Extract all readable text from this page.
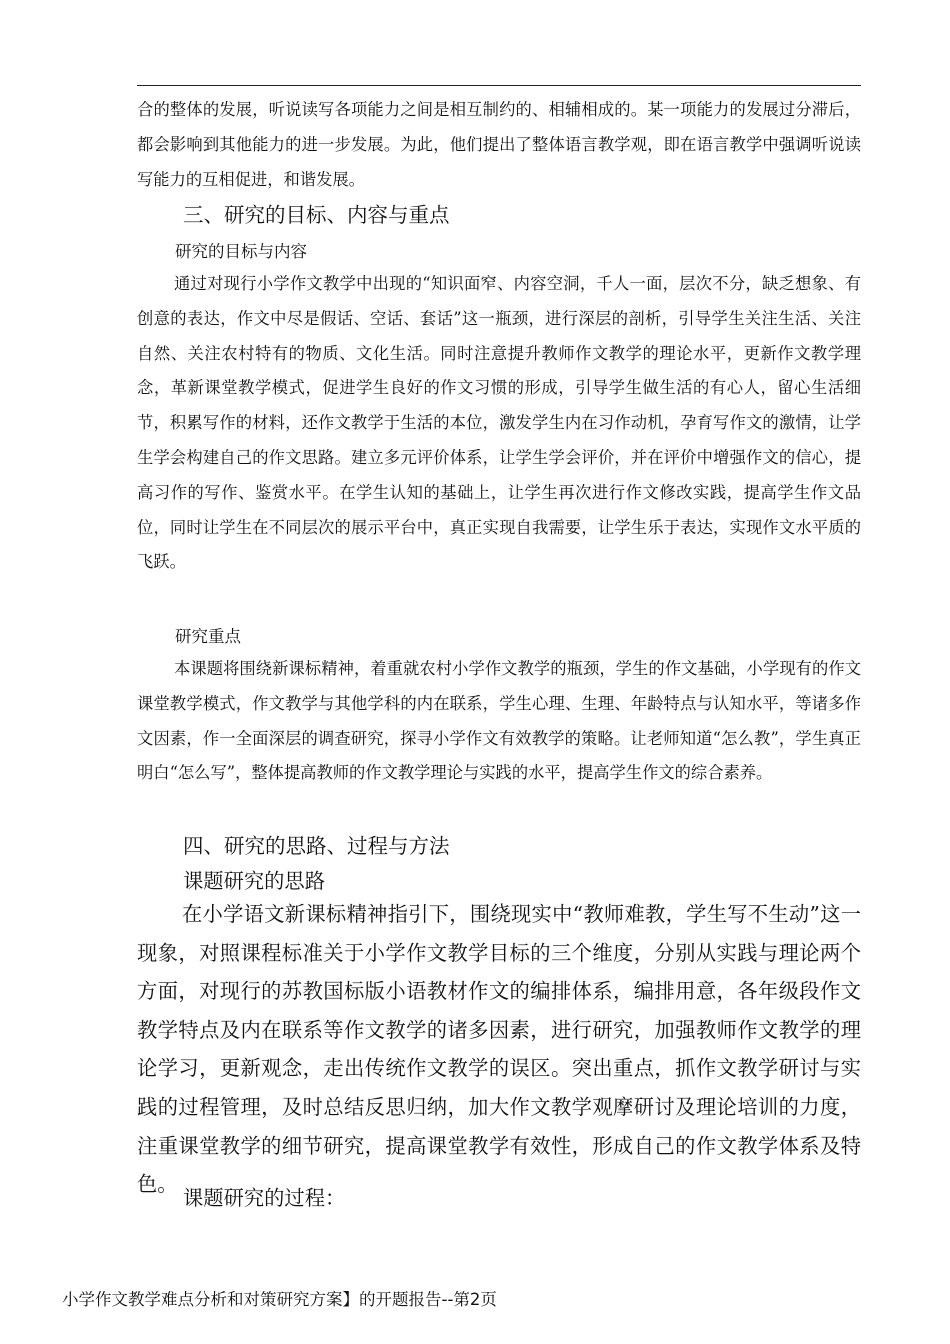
合的整体的发展，听说读写各项能力之间是相互制约的、相辅相成的。某一项能力的发展过分滞后，都会影响到其他能力的进一步发展。为此，他们提出了整体语言教学观，即在语言教学中强调听说读写能力的互相促进，和谐发展。

三、研究的目标、内容与重点

研究的目标与内容

通过对现行小学作文教学中出现的“知识面窄、内容空洞，千人一面，层次不分，缺乏想象、有创意的表达，作文中尽是假话、空话、套话”这一瓶颈，进行深层的剖析，引导学生关注生活、关注自然、关注农村特有的物质、文化生活。同时注意提升教师作文教学的理论水平，更新作文教学理念，革新课堂教学模式，促进学生良好的作文习惯的形成，引导学生做生活的有心人，留心生活细节，积累写作的材料，还作文教学于生活的本位，激发学生内在习作动机，孕育写作文的激情，让学生学会构建自己的作文思路。建立多元评价体系，让学生学会评价，并在评价中增强作文的信心，提高习作的写作、鉴赏水平。在学生认知的基础上，让学生再次进行作文修改实践，提高学生作文品位，同时让学生在不同层次的展示平台中，真正实现自我需要，让学生乐于表达，实现作文水平质的飞跃。

研究重点

本课题将围绕新课标精神，着重就农村小学作文教学的瓶颈，学生的作文基础，小学现有的作文课堂教学模式，作文教学与其他学科的内在联系，学生心理、生理、年龄特点与认知水平，等诸多作文因素，作一全面深层的调查研究，探寻小学作文有效教学的策略。让老师知道“怎么教”，学生真正明白“怎么写”，整体提高教师的作文教学理论与实践的水平，提高学生作文的综合素养。

四、研究的思路、过程与方法

课题研究的思路

在小学语文新课标精神指引下，围绕现实中“教师难教，学生写不生动”这一现象，对照课程标准关于小学作文教学目标的三个维度，分别从实践与理论两个方面，对现行的苏教国标版小语教材作文的编排体系，编排用意，各年级段作文教学特点及内在联系等作文教学的诸多因素，进行研究，加强教师作文教学的理论学习，更新观念，走出传统作文教学的误区。突出重点，抓作文教学研讨与实践的过程管理，及时总结反思归纳，加大作文教学观摩研讨及理论培训的力度，注重课堂教学的细节研究，提高课堂教学有效性，形成自己的作文教学体系及特色。

课题研究的过程：

小学作文教学难点分析和对策研究方案】的开题报告--第2页
